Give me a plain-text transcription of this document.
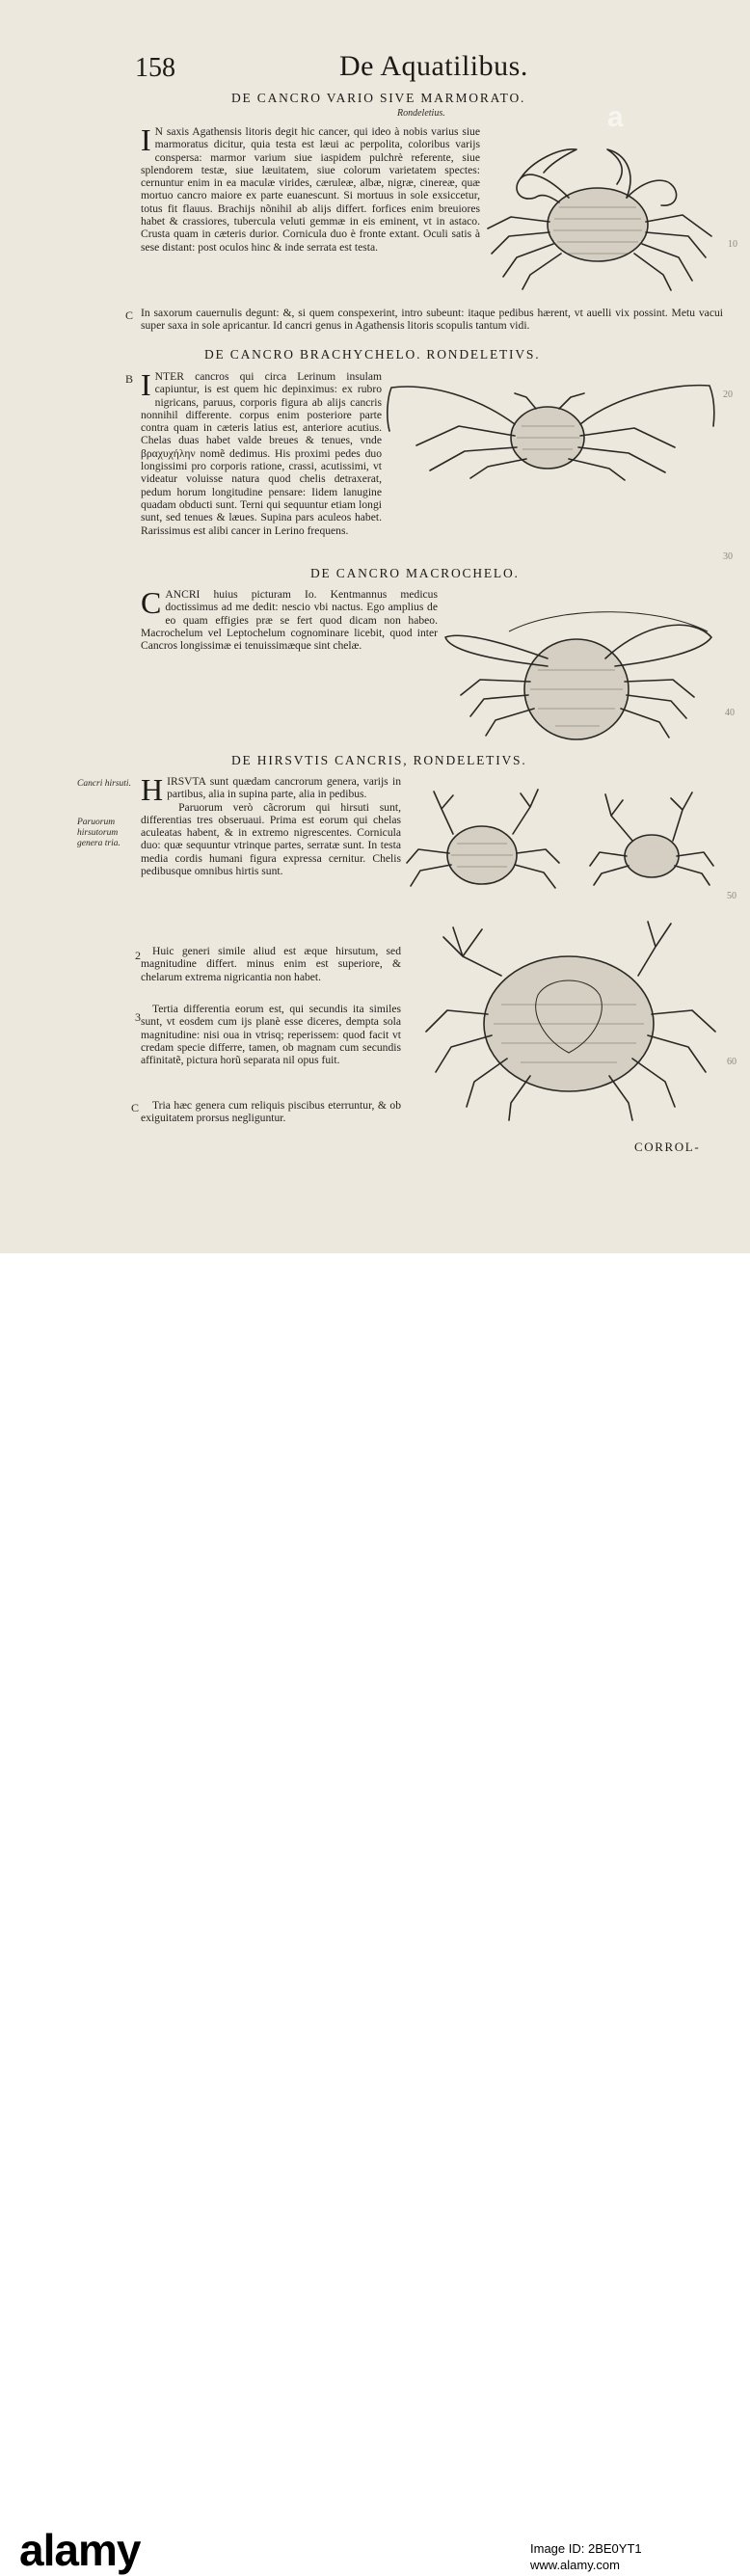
158	De Aquatilibus.
a
DE CANCRO VARIO SIVE MARMORATO.
Rondeletius.
I N saxis Agathensis litoris degit hic cancer, qui ideo à nobis varius siue marmoratus dicitur, quia testa est læui ac perpolita, coloribus varijs conspersa: marmor varium siue iaspidem pulchrè referente, siue splendorem testæ, siue læuitatem, siue colorum varietatem spectes: cernuntur enim in ea maculæ virides, cæruleæ, albæ, nigræ, cinereæ, quæ mortuo cancro maiore ex parte euanescunt. Si mortuus in sole exsiccetur, totus fit flauus. Brachijs nõnihil ab alijs differt. forfices enim breuiores habet & crassiores, tubercula veluti gemmæ in eis eminent, vt in astaco. Crusta quam in cæteris durior. Cornicula duo è fronte extant. Oculi satis à sese distant: post oculos hinc & inde serrata est testa.
C In saxorum cauernulis degunt: &, si quem conspexerint, intro subeunt: itaque pedibus hærent, vt auelli vix possint. Metu vacui super saxa in sole apricantur. Id cancri genus in Agathensis litoris scopulis tantum vidi.
10
DE CANCRO BRACHYCHELO. RONDELETIVS.
B INTER cancros qui circa Lerinum insulam capiuntur, is est quem hic depinximus: ex rubro nigricans, paruus, corporis figura ab alijs cancris nonnihil differente. corpus enim posteriore parte contra quam in cæteris latius est, anteriore acutius. Chelas duas habet valde breues & tenues, vnde βραχυχήλην nomẽ dedimus. His proximi pedes duo longissimi pro corporis ratione, crassi, acutissimi, vt videatur voluisse natura quod chelis detraxerat, pedum horum longitudine pensare: Iidem lanugine quadam obducti sunt. Terni qui sequuntur etiam longi sunt, sed tenues & læues. Supina pars aculeos habet. Rarissimus est alibi cancer in Lerino frequens.
20
30
DE CANCRO MACROCHELO.
CANCRI huius picturam Io. Kentmannus medicus doctissimus ad me dedit: nescio vbi nactus. Ego amplius de eo quam effigies præ se fert quod dicam non habeo. Macrochelum vel Leptochelum cognominare licebit, quod inter Cancros longissimæ ei tenuissimæque sint chelæ.
40
DE HIRSVTIS CANCRIS, RONDELETIVS.
Cancri hirsuti.
Paruorum hirsutorum genera tria.
HIRSVTA sunt quædam cancrorum genera, varijs in partibus, alia in supina parte, alia in pedibus.
Paruorum verò cãcrorum qui hirsuti sunt, differentias tres obseruaui. Prima est eorum qui chelas aculeatas habent, & in extremo nigrescentes. Cornicula duo: quæ sequuntur vtrinque partes, serratæ sunt. In testa media cordis humani figura expressa cernitur. Chelis pedibusque omnibus hirtis sunt.
2	Huic generi simile aliud est æque hirsutum, sed magnitudine differt. minus enim est superiore, & chelarum extrema nigricantia non habet.
3
Tertia differentia eorum est, qui secundis ita similes sunt, vt eosdem cum ijs planè esse diceres, dempta sola magnitudine: nisi oua in vtrisq; reperissem: quod facit vt credam specie differre, tamen, ob magnam cum secundis affinitatẽ, pictura horũ separata nil opus fuit.
C	Tria hæc genera cum reliquis piscibus eterruntur, & ob exiguitatem prorsus negliguntur.
50
60
CORROL-
alamy	Image ID: 2BE0YT1
www.alamy.com
